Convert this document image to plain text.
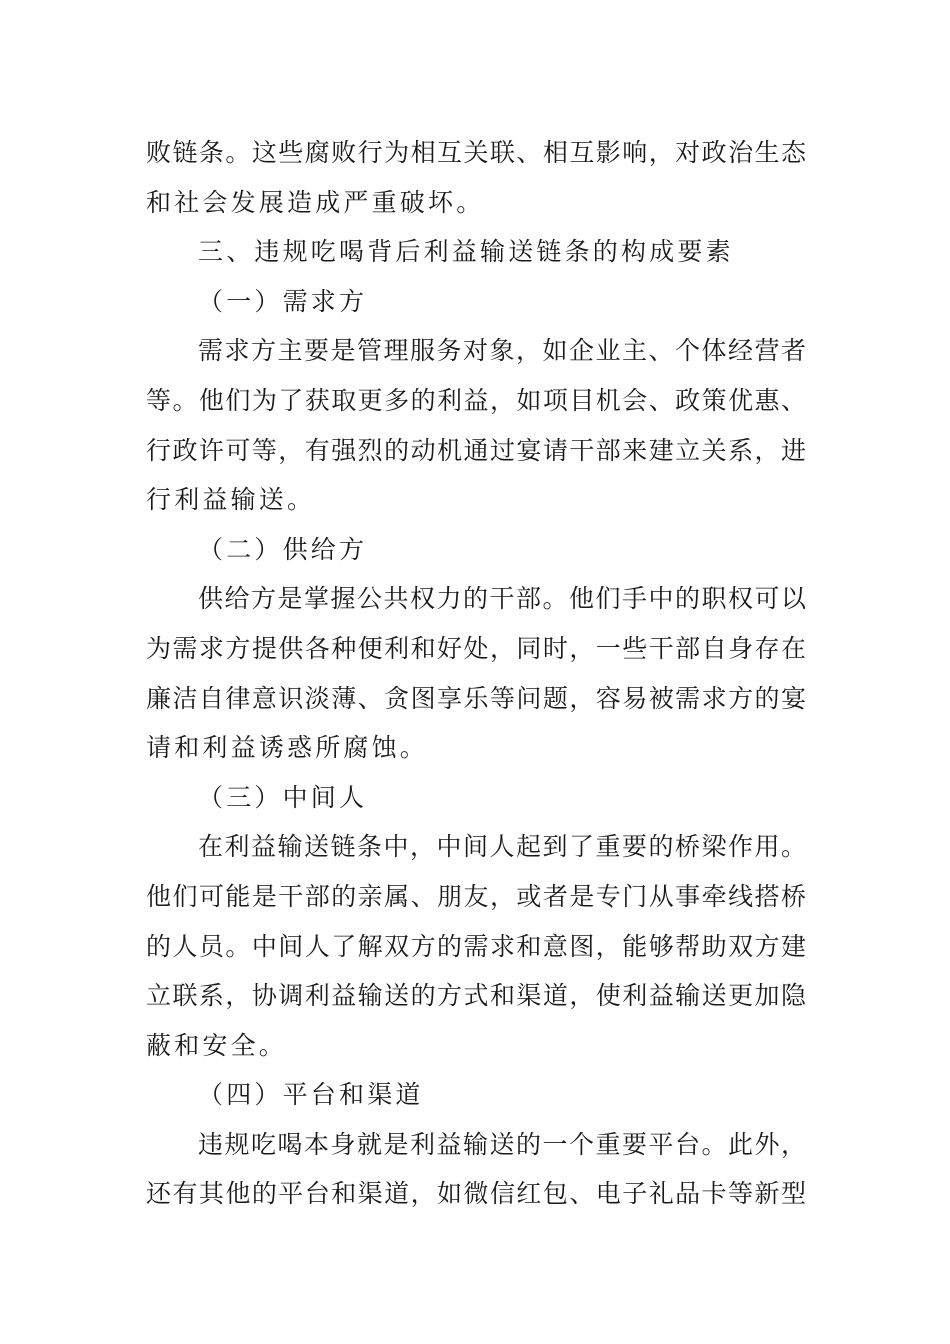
败链条。这些腐败行为相互关联、相互影响，对政治生态
和社会发展造成严重破坏。
三、违规吃喝背后利益输送链条的构成要素
（一）需求方
需求方主要是管理服务对象，如企业主、个体经营者
等。他们为了获取更多的利益，如项目机会、政策优惠、
行政许可等，有强烈的动机通过宴请干部来建立关系，进
行利益输送。
（二）供给方
供给方是掌握公共权力的干部。他们手中的职权可以
为需求方提供各种便利和好处，同时，一些干部自身存在
廉洁自律意识淡薄、贪图享乐等问题，容易被需求方的宴
请和利益诱惑所腐蚀。
（三）中间人
在利益输送链条中，中间人起到了重要的桥梁作用。
他们可能是干部的亲属、朋友，或者是专门从事牵线搭桥
的人员。中间人了解双方的需求和意图，能够帮助双方建
立联系，协调利益输送的方式和渠道，使利益输送更加隐
蔽和安全。
（四）平台和渠道
违规吃喝本身就是利益输送的一个重要平台。此外，
还有其他的平台和渠道，如微信红包、电子礼品卡等新型
